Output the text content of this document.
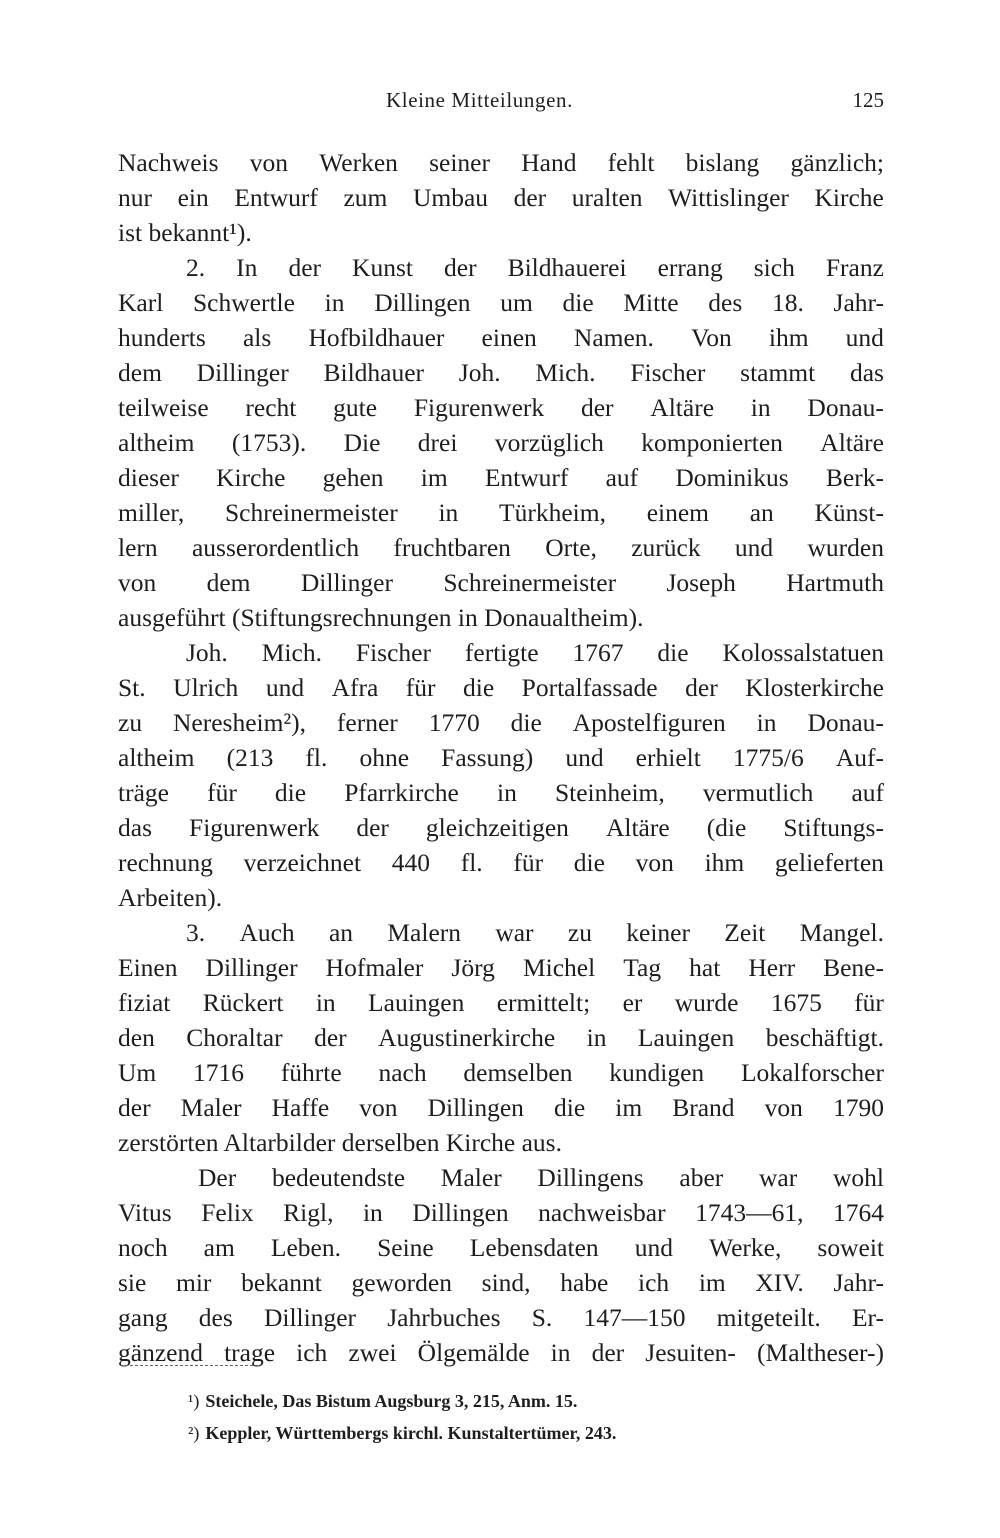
Kleine Mitteilungen.	125
Nachweis von Werken seiner Hand fehlt bislang gänzlich;
nur ein Entwurf zum Umbau der uralten Wittislinger Kirche
ist bekannt¹).
2. In der Kunst der Bildhauerei errang sich Franz
Karl Schwertle in Dillingen um die Mitte des 18. Jahr-
hunderts als Hofbildhauer einen Namen. Von ihm und
dem Dillinger Bildhauer Joh. Mich. Fischer stammt das
teilweise recht gute Figurenwerk der Altäre in Donau-
altheim (1753). Die drei vorzüglich komponierten Altäre
dieser Kirche gehen im Entwurf auf Dominikus Berk-
miller, Schreinermeister in Türkheim, einem an Künst-
lern ausserordentlich fruchtbaren Orte, zurück und wurden
von dem Dillinger Schreinermeister Joseph Hartmuth
ausgeführt (Stiftungsrechnungen in Donaualtheim).
Joh. Mich. Fischer fertigte 1767 die Kolossalstatuen
St. Ulrich und Afra für die Portalfassade der Klosterkirche
zu Neresheim²), ferner 1770 die Apostelfiguren in Donau-
altheim (213 fl. ohne Fassung) und erhielt 1775/6 Auf-
träge für die Pfarrkirche in Steinheim, vermutlich auf
das Figurenwerk der gleichzeitigen Altäre (die Stiftungs-
rechnung verzeichnet 440 fl. für die von ihm gelieferten
Arbeiten).
3. Auch an Malern war zu keiner Zeit Mangel.
Einen Dillinger Hofmaler Jörg Michel Tag hat Herr Bene-
fiziat Rückert in Lauingen ermittelt; er wurde 1675 für
den Choraltar der Augustinerkirche in Lauingen beschäftigt.
Um 1716 führte nach demselben kundigen Lokalforscher
der Maler Haffe von Dillingen die im Brand von 1790
zerstörten Altarbilder derselben Kirche aus.
Der bedeutendste Maler Dillingens aber war wohl
Vitus Felix Rigl, in Dillingen nachweisbar 1743—61, 1764
noch am Leben. Seine Lebensdaten und Werke, soweit
sie mir bekannt geworden sind, habe ich im XIV. Jahr-
gang des Dillinger Jahrbuches S. 147—150 mitgeteilt. Er-
gänzend trage ich zwei Ölgemälde in der Jesuiten- (Maltheser-)
¹) Steichele, Das Bistum Augsburg 3, 215, Anm. 15.
²) Keppler, Württembergs kirchl. Kunstaltertümer, 243.
